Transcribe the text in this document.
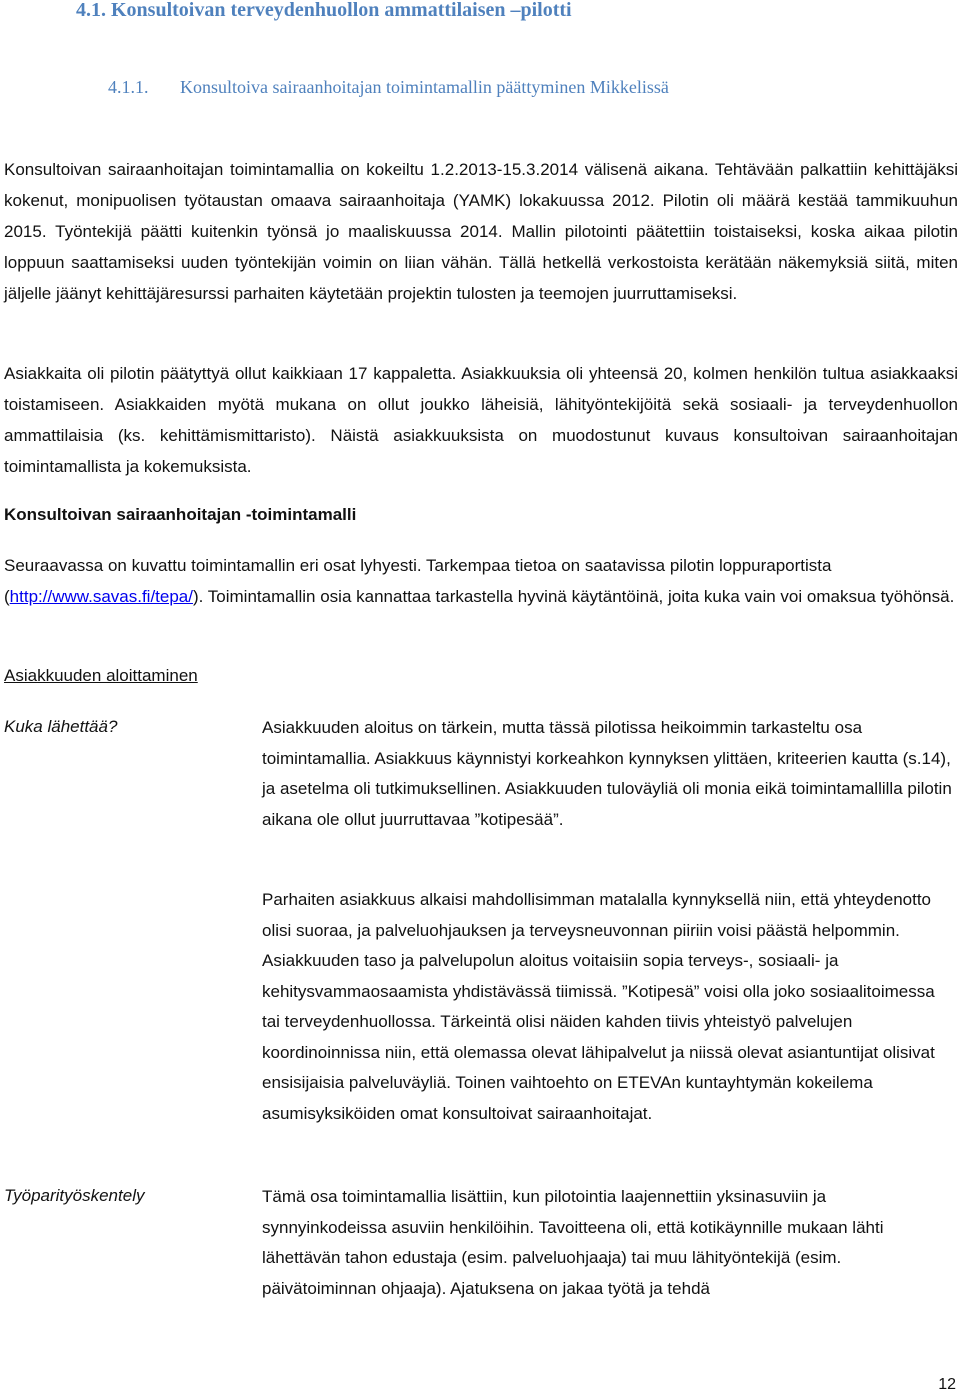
4.1. Konsultoivan terveydenhuollon ammattilaisen –pilotti
4.1.1. Konsultoiva sairaanhoitajan toimintamallin päättyminen Mikkelissä
Konsultoivan sairaanhoitajan toimintamallia on kokeiltu 1.2.2013-15.3.2014 välisenä aikana. Tehtävään palkattiin kehittäjäksi kokenut, monipuolisen työtaustan omaava sairaanhoitaja (YAMK) lokakuussa 2012. Pilotin oli määrä kestää tammikuuhun 2015. Työntekijä päätti kuitenkin työnsä jo maaliskuussa 2014. Mallin pilotointi päätettiin toistaiseksi, koska aikaa pilotin loppuun saattamiseksi uuden työntekijän voimin on liian vähän. Tällä hetkellä verkostoista kerätään näkemyksiä siitä, miten jäljelle jäänyt kehittäjäresurssi parhaiten käytetään projektin tulosten ja teemojen juurruttamiseksi.
Asiakkaita oli pilotin päätyttyä ollut kaikkiaan 17 kappaletta. Asiakkuuksia oli yhteensä 20, kolmen henkilön tultua asiakkaaksi toistamiseen. Asiakkaiden myötä mukana on ollut joukko läheisiä, lähityöntekijöitä sekä sosiaali- ja terveydenhuollon ammattilaisia (ks. kehittämismittaristo). Näistä asiakkuuksista on muodostunut kuvaus konsultoivan sairaanhoitajan toimintamallista ja kokemuksista.
Konsultoivan sairaanhoitajan -toimintamalli
Seuraavassa on kuvattu toimintamallin eri osat lyhyesti. Tarkempaa tietoa on saatavissa pilotin loppuraportista (http://www.savas.fi/tepa/). Toimintamallin osia kannattaa tarkastella hyvinä käytäntöinä, joita kuka vain voi omaksua työhönsä.
Asiakkuuden aloittaminen
Kuka lähettää?	Asiakkuuden aloitus on tärkein, mutta tässä pilotissa heikoimmin tarkasteltu osa toimintamallia. Asiakkuus käynnistyi korkeahkon kynnyksen ylittäen, kriteerien kautta (s.14), ja asetelma oli tutkimuksellinen. Asiakkuuden tuloväyliä oli monia eikä toimintamallilla pilotin aikana ole ollut juurruttavaa ”kotipesää”.
Parhaiten asiakkuus alkaisi mahdollisimman matalalla kynnyksellä niin, että yhteydenotto olisi suoraa, ja palveluohjauksen ja terveysneuvonnan piiriin voisi päästä helpommin. Asiakkuuden taso ja palvelupolun aloitus voitaisiin sopia terveys-, sosiaali- ja kehitysvammaosaamista yhdistävässä tiimissä. ”Kotipesä” voisi olla joko sosiaalitoimessa tai terveydenhuollossa. Tärkeintä olisi näiden kahden tiivis yhteistyö palvelujen koordinoinnissa niin, että olemassa olevat lähipalvelut ja niissä olevat asiantuntijat olisivat ensisijaisia palveluväyliä. Toinen vaihtoehto on ETEVAn kuntayhtymän kokeilema asumisyksiköiden omat konsultoivat sairaanhoitajat.
Työparityöskentely	Tämä osa toimintamallia lisättiin, kun pilotointia laajennettiin yksinasuviin ja synnyinkodeissa asuviin henkilöihin. Tavoitteena oli, että kotikäynnille mukaan lähti lähettävän tahon edustaja (esim. palveluohjaaja) tai muu lähityöntekijä (esim. päivätoiminnan ohjaaja). Ajatuksena on jakaa työtä ja tehdä
12
